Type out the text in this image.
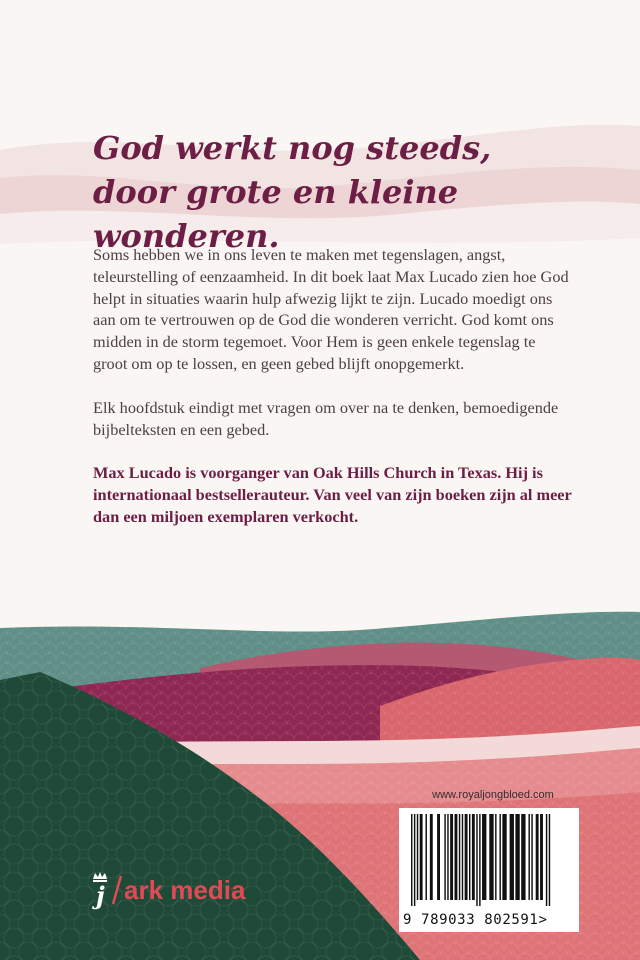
God werkt nog steeds,
door grote en kleine wonderen.

Soms hebben we in ons leven te maken met tegenslagen, angst, teleurstelling of eenzaamheid. In dit boek laat Max Lucado zien hoe God helpt in situaties waarin hulp afwezig lijkt te zijn. Lucado moedigt ons aan om te vertrouwen op de God die wonderen verricht. God komt ons midden in de storm tegemoet. Voor Hem is geen enkele tegenslag te groot om op te lossen, en geen gebed blijft onopgemerkt.

Elk hoofdstuk eindigt met vragen om over na te denken, bemoedigende bijbelteksten en een gebed.

Max Lucado is voorganger van Oak Hills Church in Texas. Hij is internationaal bestsellerauteur. Van veel van zijn boeken zijn al meer dan een miljoen exemplaren verkocht.

www.royaljongbloed.com
9 789033 802591>
j ark media
